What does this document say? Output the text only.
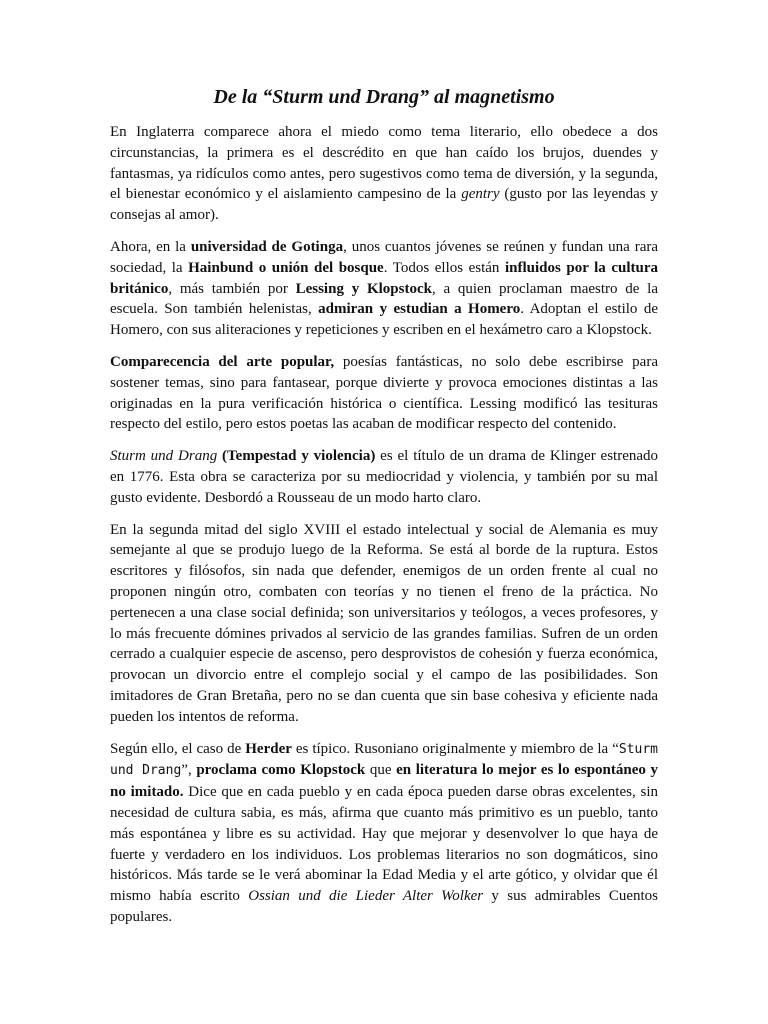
De la “Sturm und Drang” al magnetismo

En Inglaterra comparece ahora el miedo como tema literario, ello obedece a dos circunstancias, la primera es el descrédito en que han caído los brujos, duendes y fantasmas, ya ridículos como antes, pero sugestivos como tema de diversión, y la segunda, el bienestar económico y el aislamiento campesino de la gentry (gusto por las leyendas y consejas al amor).

Ahora, en la universidad de Gotinga, unos cuantos jóvenes se reúnen y fundan una rara sociedad, la Hainbund o unión del bosque. Todos ellos están influidos por la cultura británico, más también por Lessing y Klopstock, a quien proclaman maestro de la escuela. Son también helenistas, admiran y estudian a Homero. Adoptan el estilo de Homero, con sus aliteraciones y repeticiones y escriben en el hexámetro caro a Klopstock.

Comparecencia del arte popular, poesías fantásticas, no solo debe escribirse para sostener temas, sino para fantasear, porque divierte y provoca emociones distintas a las originadas en la pura verificación histórica o científica. Lessing modificó las tesituras respecto del estilo, pero estos poetas las acaban de modificar respecto del contenido.

Sturm und Drang (Tempestad y violencia) es el título de un drama de Klinger estrenado en 1776. Esta obra se caracteriza por su mediocridad y violencia, y también por su mal gusto evidente. Desbordó a Rousseau de un modo harto claro.

En la segunda mitad del siglo XVIII el estado intelectual y social de Alemania es muy semejante al que se produjo luego de la Reforma. Se está al borde de la ruptura. Estos escritores y filósofos, sin nada que defender, enemigos de un orden frente al cual no proponen ningún otro, combaten con teorías y no tienen el freno de la práctica. No pertenecen a una clase social definida; son universitarios y teólogos, a veces profesores, y lo más frecuente dómines privados al servicio de las grandes familias. Sufren de un orden cerrado a cualquier especie de ascenso, pero desprovistos de cohesión y fuerza económica, provocan un divorcio entre el complejo social y el campo de las posibilidades. Son imitadores de Gran Bretaña, pero no se dan cuenta que sin base cohesiva y eficiente nada pueden los intentos de reforma.

Según ello, el caso de Herder es típico. Rusoniano originalmente y miembro de la “Sturm und Drang”, proclama como Klopstock que en literatura lo mejor es lo espontáneo y no imitado. Dice que en cada pueblo y en cada época pueden darse obras excelentes, sin necesidad de cultura sabia, es más, afirma que cuanto más primitivo es un pueblo, tanto más espontánea y libre es su actividad. Hay que mejorar y desenvolver lo que haya de fuerte y verdadero en los individuos. Los problemas literarios no son dogmáticos, sino históricos. Más tarde se le verá abominar la Edad Media y el arte gótico, y olvidar que él mismo había escrito Ossian und die Lieder Alter Wolker y sus admirables Cuentos populares.
